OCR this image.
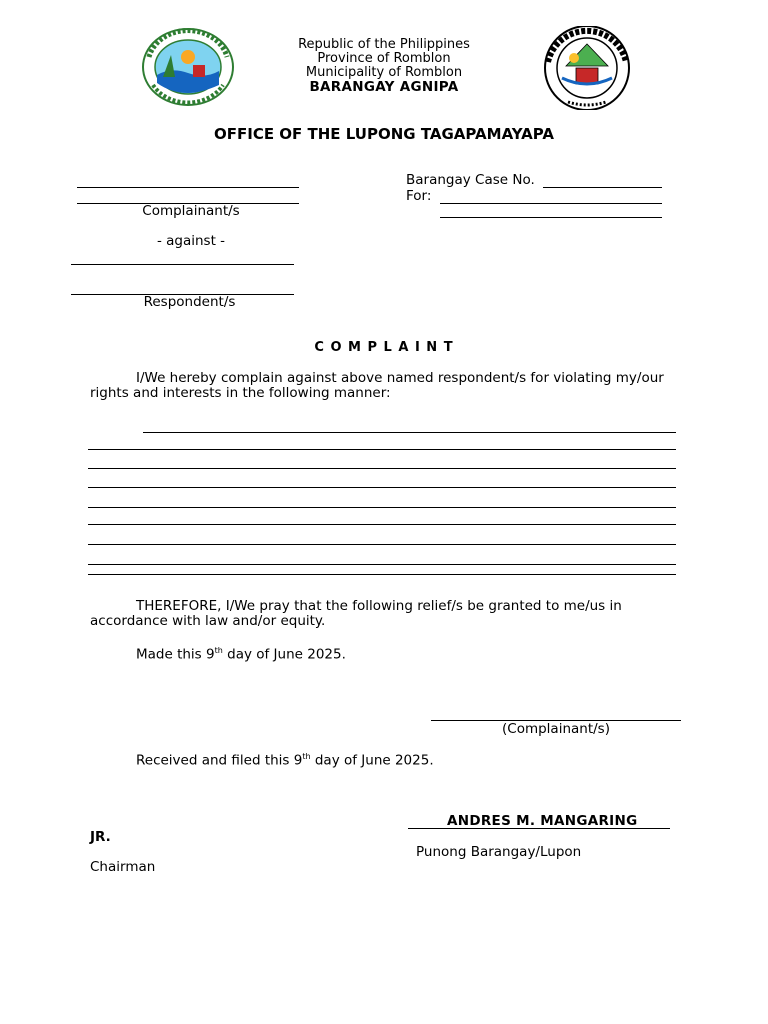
Republic of the Philippines
Province of Romblon
Municipality of Romblon
BARANGAY AGNIPA
OFFICE OF THE LUPONG TAGAPAMAYAPA
Complainant/s
- against -
Respondent/s
Barangay Case No.
For:
C O M P L A I N T
I/We hereby complain against above named respondent/s for violating my/our rights and interests in the following manner:
THEREFORE, I/We pray that the following relief/s be granted to me/us in accordance with law and/or equity.
Made this 9th day of June 2025.
(Complainant/s)
Received and filed this 9th day of June 2025.
ANDRES M. MANGARING
JR.
Punong Barangay/Lupon
Chairman
